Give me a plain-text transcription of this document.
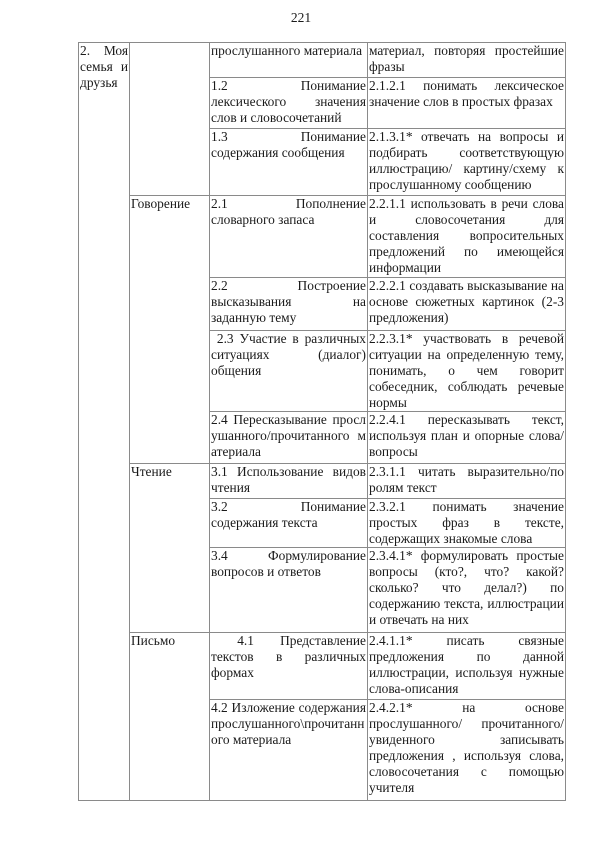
221
2. Моя семья и друзья		прослушанного материала	материал, повторяя простейшие фразы
		1.2 Понимание лексического значения слов и словосочетаний	2.1.2.1 понимать лексическое значение слов в простых фразах
		1.3 Понимание содержания сообщения	2.1.3.1* отвечать на вопросы и подбирать соответствующую иллюстрацию/ картину/схему к прослушанному сообщению
	Говорение	2.1 Пополнение словарного запаса	2.2.1.1 использовать в речи слова и словосочетания для составления вопросительных предложений по имеющейся информации
		2.2 Построение высказывания на заданную тему	2.2.2.1 создавать высказывание на основе сюжетных картинок (2-3 предложения)
		2.3 Участие в различных ситуациях (диалог) общения	2.2.3.1* участвовать в речевой ситуации на определенную тему, понимать, о чем говорит собеседник, соблюдать речевые нормы
		2.4 Пересказывание прослушанного/прочитанного материала	2.2.4.1 пересказывать текст, используя план и опорные слова/вопросы
	Чтение	3.1 Использование видов чтения	2.3.1.1 читать выразительно/по ролям текст
		3.2 Понимание содержания текста	2.3.2.1 понимать значение простых фраз в тексте, содержащих знакомые слова
		3.4 Формулирование вопросов и ответов	2.3.4.1* формулировать простые вопросы (кто?, что? какой? сколько? что делал?) по содержанию текста, иллюстрации и отвечать на них
	Письмо	4.1 Представление текстов в различных формах	2.4.1.1* писать связные предложения по данной иллюстрации, используя нужные слова-описания
		4.2 Изложение содержания прослушанного\прочитанного материала	2.4.2.1* на основе прослушанного/ прочитанного/ увиденного записывать предложения , используя слова, словосочетания с помощью учителя
